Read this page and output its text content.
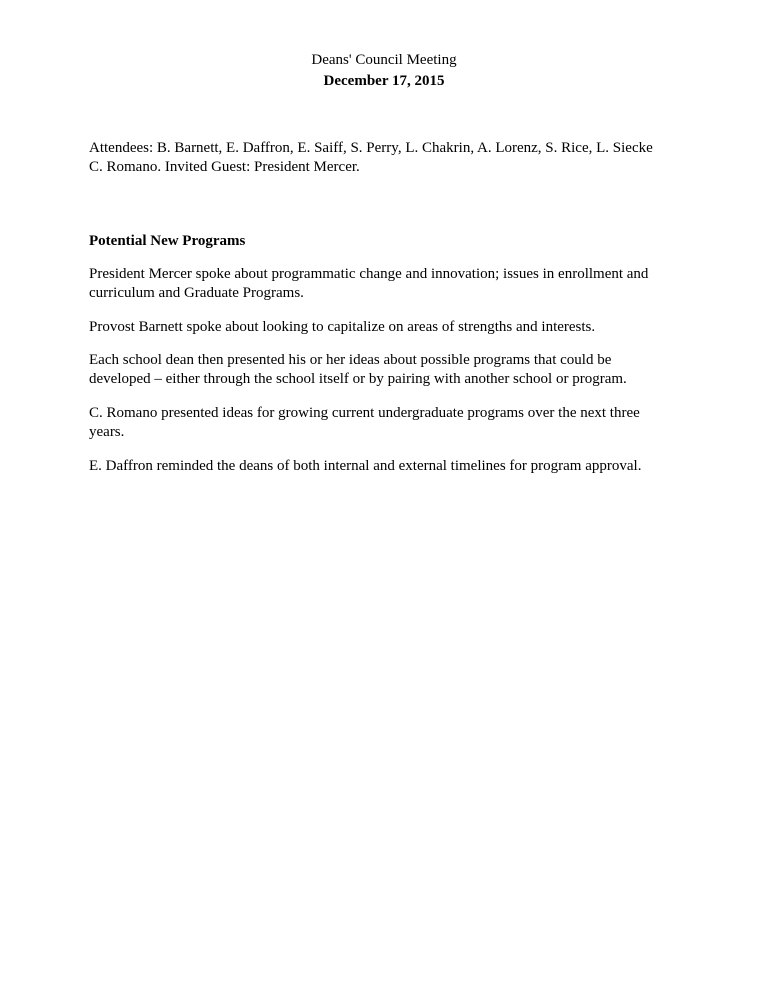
Deans' Council Meeting
December 17, 2015
Attendees: B. Barnett, E. Daffron, E. Saiff, S. Perry, L. Chakrin, A. Lorenz, S. Rice, L. Siecke
C. Romano. Invited Guest: President Mercer.
Potential New Programs
President Mercer spoke about programmatic change and innovation; issues in enrollment and
curriculum and Graduate Programs.
Provost Barnett spoke about looking to capitalize on areas of strengths and interests.
Each school dean then presented his or her ideas about possible programs that could be
developed – either through the school itself or by pairing with another school or program.
C. Romano presented ideas for growing current undergraduate programs over the next three
years.
E. Daffron reminded the deans of both internal and external timelines for program approval.
